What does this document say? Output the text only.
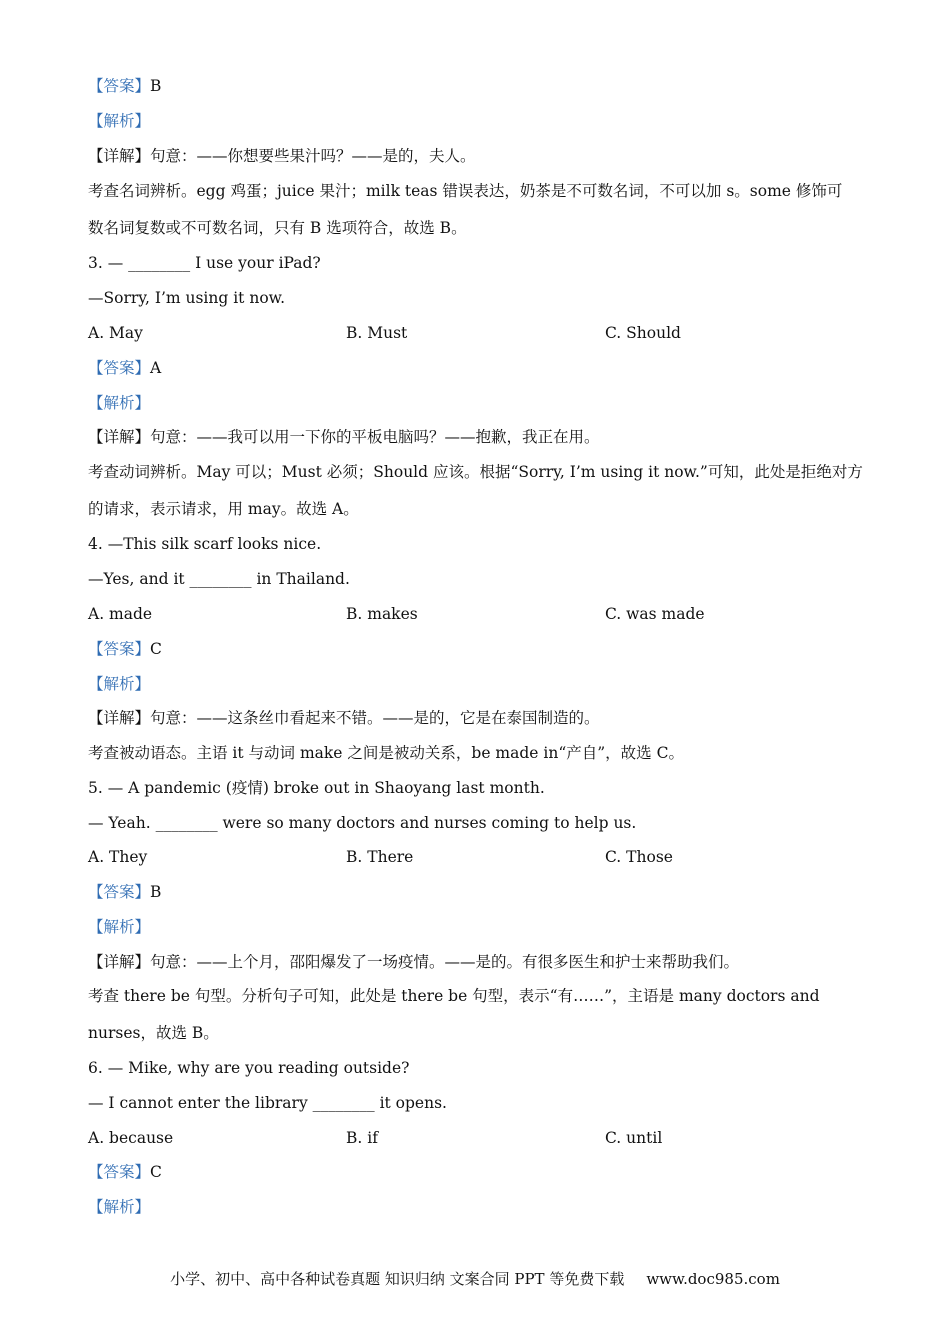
【答案】B
【解析】
【详解】句意：——你想要些果汁吗？——是的，夫人。
考查名词辨析。egg 鸡蛋；juice 果汁；milk teas 错误表达，奶茶是不可数名词，不可以加 s。some 修饰可
数名词复数或不可数名词，只有 B 选项符合，故选 B。
3. — ________ I use your iPad?
—Sorry, I’m using it now.
A. May	B. Must	C. Should
【答案】A
【解析】
【详解】句意：——我可以用一下你的平板电脑吗？——抱歉，我正在用。
考查动词辨析。May 可以；Must 必须；Should 应该。根据“Sorry, I’m using it now.”可知，此处是拒绝对方
的请求，表示请求，用 may。故选 A。
4. —This silk scarf looks nice.
—Yes, and it ________ in Thailand.
A. made	B. makes	C. was made
【答案】C
【解析】
【详解】句意：——这条丝巾看起来不错。——是的，它是在泰国制造的。
考查被动语态。主语 it 与动词 make 之间是被动关系，be made in“产自”，故选 C。
5. — A pandemic (疫情) broke out in Shaoyang last month.
— Yeah. ________ were so many doctors and nurses coming to help us.
A. They	B. There	C. Those
【答案】B
【解析】
【详解】句意：——上个月，邵阳爆发了一场疫情。——是的。有很多医生和护士来帮助我们。
考查 there be 句型。分析句子可知，此处是 there be 句型，表示“有……”，主语是 many doctors and
nurses，故选 B。
6. — Mike, why are you reading outside?
— I cannot enter the library ________ it opens.
A. because	B. if	C. until
【答案】C
【解析】
小学、初中、高中各种试卷真题 知识归纳 文案合同 PPT 等免费下载 www.doc985.com
